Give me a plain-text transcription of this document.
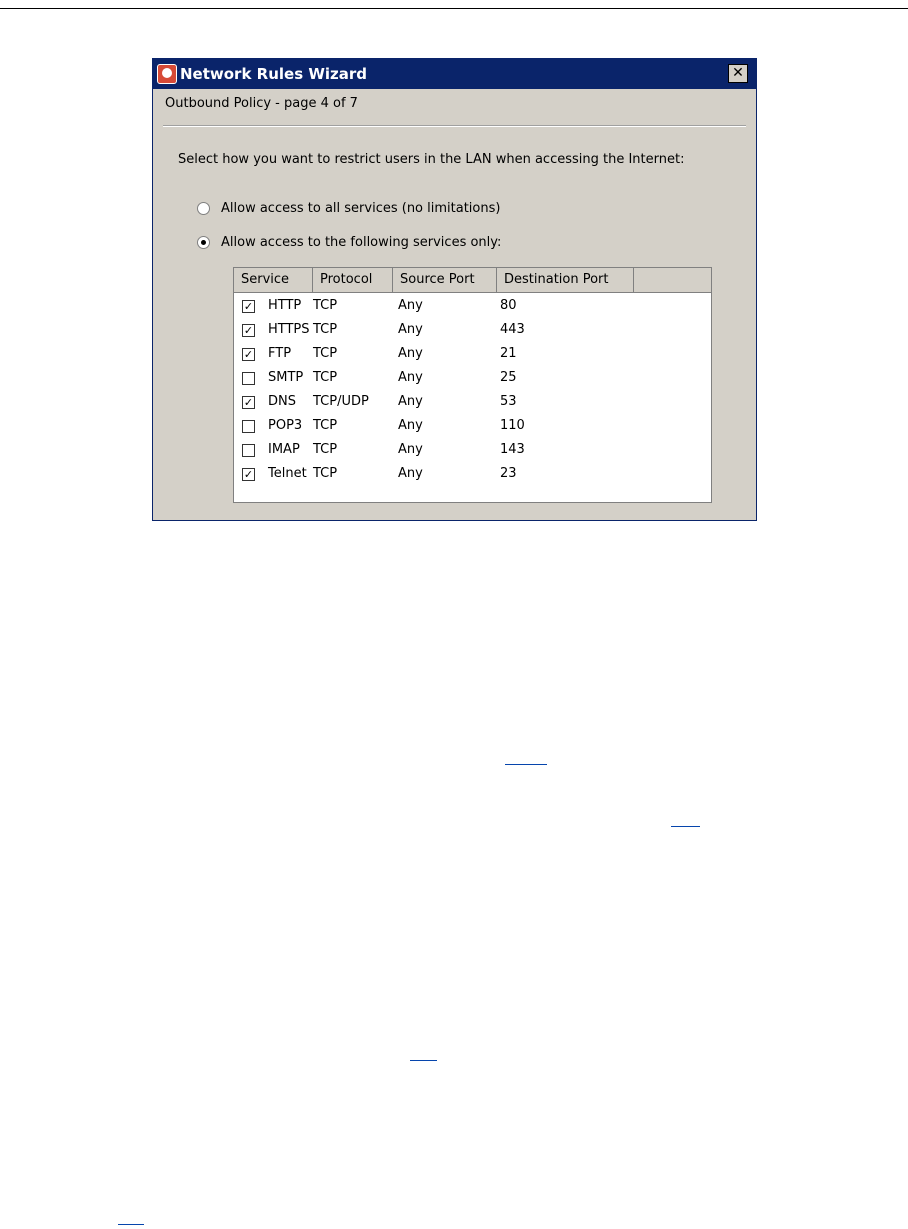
Network Rules Wizard	✕
Outbound Policy - page 4 of 7
Select how you want to restrict users in the LAN when accessing the Internet:
Allow access to all services (no limitations)
Allow access to the following services only:
Service	Protocol	Source Port	Destination Port
✓ HTTP TCP	Any	80
✓ HTTPS TCP	Any	443
✓ FTP TCP	Any	21
SMTP TCP	Any	25
✓ DNS TCP/UDP Any	53
POP3 TCP	Any	110
IMAP TCP	Any	143
✓ Telnet TCP	Any	23
